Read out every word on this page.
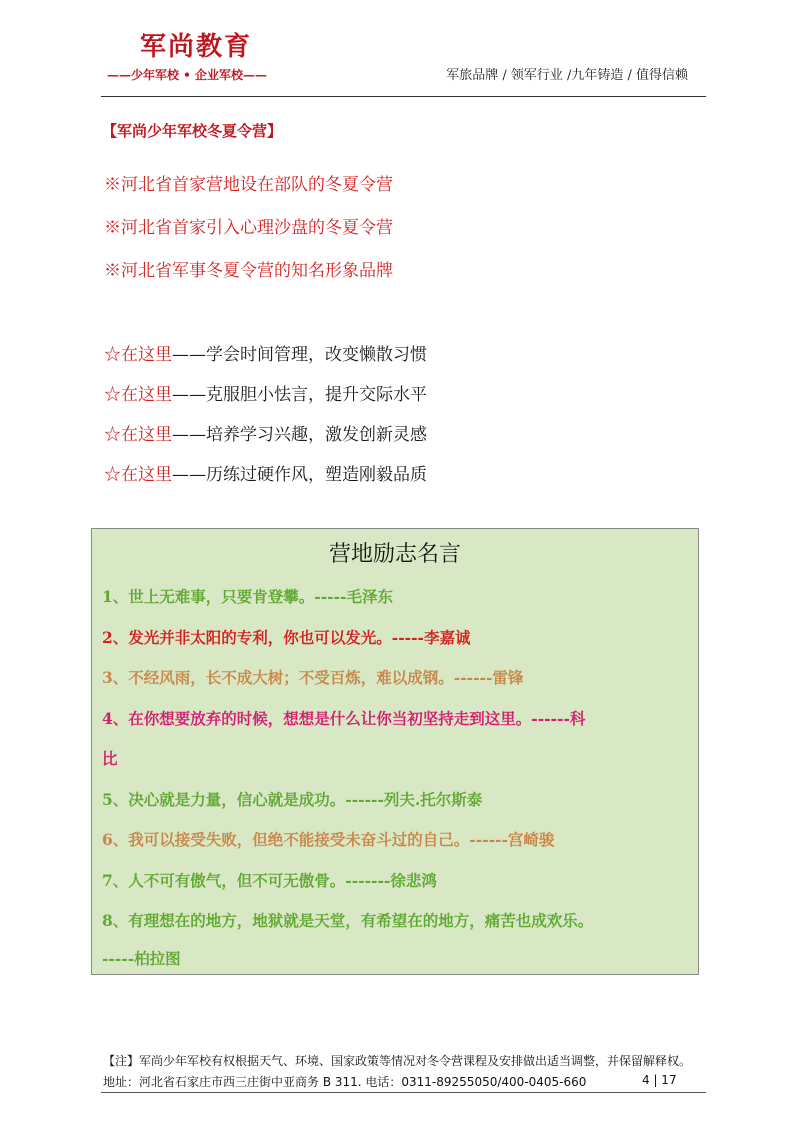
军尚教育
——少年军校 • 企业军校——	军旅品牌 / 领军行业 /九年铸造 / 值得信赖
【军尚少年军校冬夏令营】
※河北省首家营地设在部队的冬夏令营
※河北省首家引入心理沙盘的冬夏令营
※河北省军事冬夏令营的知名形象品牌
☆在这里——学会时间管理，改变懒散习惯
☆在这里——克服胆小怯言，提升交际水平
☆在这里——培养学习兴趣，激发创新灵感
☆在这里——历练过硬作风，塑造刚毅品质
营地励志名言
1、世上无难事，只要肯登攀。-----毛泽东
2、发光并非太阳的专利，你也可以发光。-----李嘉诚
3、不经风雨，长不成大树；不受百炼，难以成钢。------雷锋
4、在你想要放弃的时候，想想是什么让你当初坚持走到这里。------科
比
5、决心就是力量，信心就是成功。------列夫.托尔斯泰
6、我可以接受失败，但绝不能接受未奋斗过的自己。------宫崎骏
7、人不可有傲气，但不可无傲骨。-------徐悲鸿
8、有理想在的地方，地狱就是天堂，有希望在的地方，痛苦也成欢乐。
-----柏拉图
【注】军尚少年军校有权根据天气、环境、国家政策等情况对冬令营课程及安排做出适当调整，并保留解释权。
地址：河北省石家庄市西三庄街中亚商务 B 311. 电话：0311-89255050/400-0405-660	4 | 17
